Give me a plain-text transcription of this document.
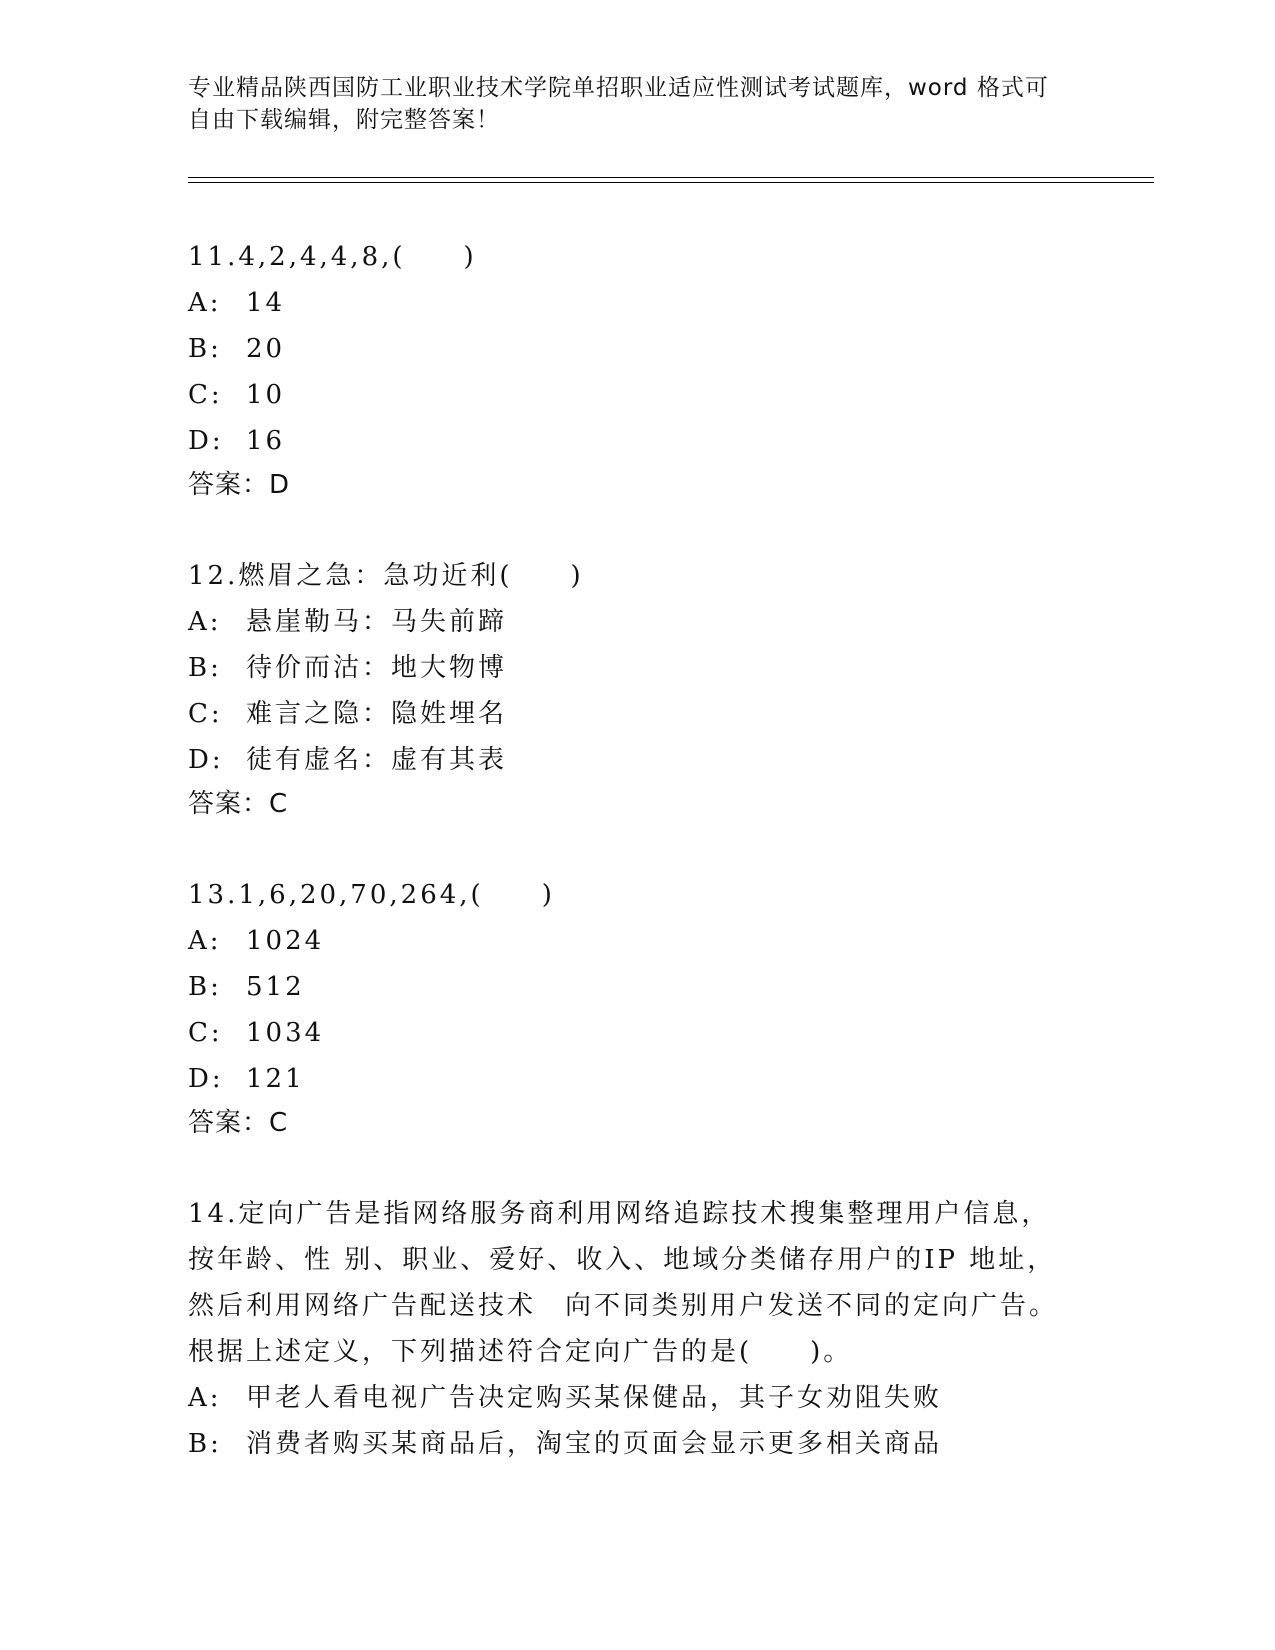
专业精品陕西国防工业职业技术学院单招职业适应性测试考试题库，word 格式可
自由下载编辑，附完整答案！
11.4,2,4,4,8,(　　)
A: 14
B: 20
C: 10
D: 16
答案：D
12.燃眉之急：急功近利(　　)
A: 悬崖勒马：马失前蹄
B: 待价而沽：地大物博
C: 难言之隐：隐姓埋名
D: 徒有虚名：虚有其表
答案：C
13.1,6,20,70,264,(　　)
A: 1024
B: 512
C: 1034
D: 121
答案：C
14.定向广告是指网络服务商利用网络追踪技术搜集整理用户信息，按年龄、性 别、职业、爱好、收入、地域分类储存用户的IP 地址，然后利用网络广告配送技术　向不同类别用户发送不同的定向广告。根据上述定义，下列描述符合定向广告的是(　　)。
A: 甲老人看电视广告决定购买某保健品，其子女劝阻失败
B: 消费者购买某商品后，淘宝的页面会显示更多相关商品
